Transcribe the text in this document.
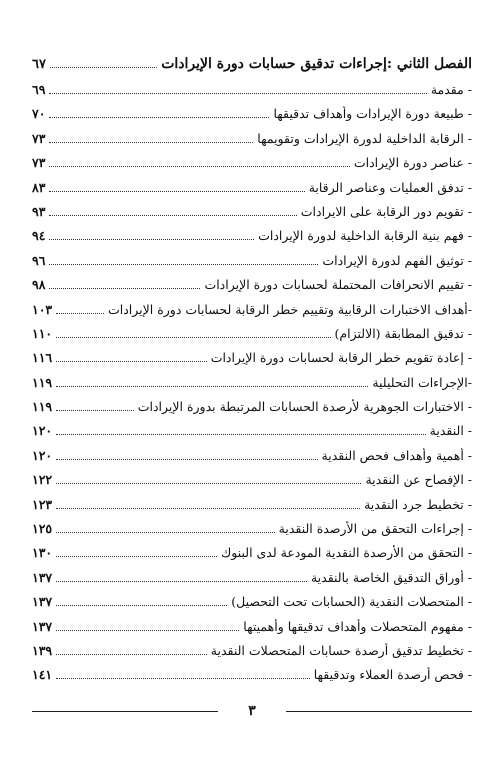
الفصل الثاني :إجراءات تدقيق حسابات دورة الإيرادات
٦٧
- مقدمة
٦٩
- طبيعة دورة الإيرادات وأهداف تدقيقها
٧٠
- الرقابة الداخلية لدورة الإيرادات وتقويمها
٧٣
- عناصر دورة الإيرادات
٧٣
- تدفق العمليات وعناصر الرقابة
٨٣
- تقويم دور الرقابة على الايرادات
٩٣
- فهم بنية الرقابة الداخلية لدورة الإيرادات
٩٤
- توثيق الفهم لدورة الإيرادات
٩٦
- تقييم الانحرافات المحتملة لحسابات دورة الإيرادات
٩٨
-أهداف الاختبارات الرقابية وتقييم خطر الرقابة لحسابات دورة الإيرادات
١٠٣
- تدقيق المطابقة (الالتزام)
١١٠
- إعادة تقويم خطر الرقابة لحسابات دورة الإيرادات
١١٦
-الإجراءات التحليلية
١١٩
- الاختبارات الجوهرية لأرصدة الحسابات المرتبطة بدورة الإيرادات
١١٩
- النقدية
١٢٠
- أهمية وأهداف فحص النقدية
١٢٠
- الإفصاح عن النقدية
١٢٢
- تخطيط جرد النقدية
١٢٣
- إجراءات التحقق من الأرصدة النقدية
١٢٥
- التحقق من الأرصدة النقدية المودعة لدى البنوك
١٣٠
- أوراق التدقيق الخاصة بالنقدية
١٣٧
- المتحصلات النقدية (الحسابات تحت التحصيل)
١٣٧
- مفهوم المتحصلات وأهداف تدقيقها وأهميتها
١٣٧
- تخطيط تدقيق أرصدة حسابات المتحصلات النقدية
١٣٩
- فحص أرصدة العملاء وتدقيقها
١٤١
٣
